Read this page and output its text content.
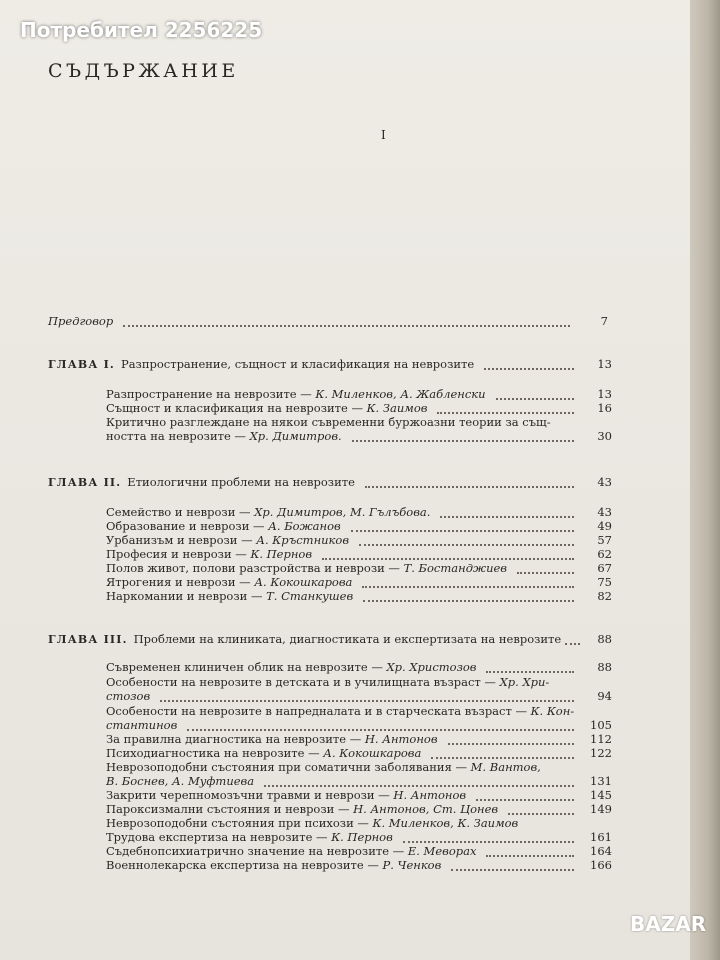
Потребител 2256225
СЪДЪРЖАНИЕ
I
Предговор	7
ГЛАВА I. Разпространение, същност и класификация на неврозите	13
Разпространение на неврозите —
К. Миленков, А. Жабленски	13
Същност и класификация на неврозите —
К. Заимов	16
Критично разглеждане на някои съвременни буржоазни теории за същ-
ността на неврозите —
Хр. Димитров.	30
ГЛАВА II. Етиологични проблеми на неврозите	43
Семейство и неврози —
Хр. Димитров, М. Гълъбова.	43
Образование и неврози —
А. Божанов	49
Урбанизъм и неврози —
А. Кръстников	57
Професия и неврози —
К. Пернов	62
Полов живот, полови разстройства и неврози —
Т. Бостанджиев	67
Ятрогения и неврози —
А. Кокошкарова	75
Наркомании и неврози —
Т. Станкушев	82
ГЛАВА III. Проблеми на клиниката, диагностиката и експертизата на неврозите	88
Съвременен клиничен облик на неврозите —
Хр. Христозов	88
Особености на неврозите в детската и в училищната възраст — Хр. Хри-
стозов	94
Особености на неврозите в напредналата и в старческата възраст — К. Кон-
стантинов	105
За правилна диагностика на неврозите —
Н. Антонов	112
Психодиагностика на неврозите —
А. Кокошкарова	122
Неврозоподобни състояния при соматични заболявания — М. Вантов,
В. Боснев, А. Муфтиева	131
Закрити черепномозъчни травми и неврози —
Н. Антонов	145
Пароксизмални състояния и неврози —
Н. Антонов, Ст. Цонев	149
Неврозоподобни състояния при психози — К. Миленков, К. Заимов
Трудова експертиза на неврозите —
К. Пернов	161
Съдебнопсихиатрично значение на неврозите —
Е. Меворах	164
Военнолекарска експертиза на неврозите —
Р. Ченков	166
BAZAR
